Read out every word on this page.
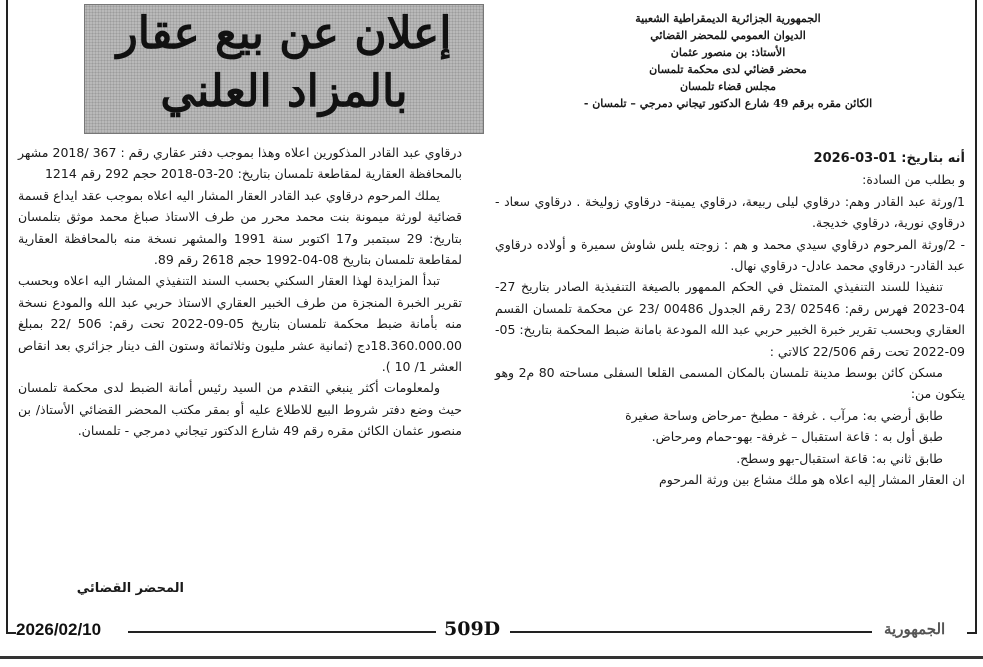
إعلان عن بيع عقار
بالمزاد العلني
الجمهورية الجزائرية الديمقراطية الشعبية
الديوان العمومي للمحضر القضائي
الأستاذ: بن منصور عثمان
محضر قضائي لدى محكمة تلمسان
مجلس قضاء تلمسان
الكائن مقره برقم 49 شارع الدكتور تيجاني دمرجي – تلمسان -

أنه بتاريخ: 01-03-2026

و بطلب من السادة:

1/ورثة عبد القادر وهم: درقاوي ليلى ربيعة، درقاوي يمينة- درقاوي زوليخة . درقاوي سعاد - درقاوي نورية، درقاوي خديجة.

- 2/ورثة المرحوم درقاوي سيدي محمد و هم : زوجته يلس شاوش سميرة و أولاده درقاوي عبد القادر- درقاوي محمد عادل- درقاوي نهال.

تنفيذا للسند التنفيذي المتمثل في الحكم الممهور بالصيغة التنفيذية الصادر بتاريخ 27-04-2023 فهرس رقم: 02546 /23 رقم الجدول 00486 /23 عن محكمة تلمسان القسم العقاري وبحسب تقرير خبرة الخبير حربي عبد الله المودعة بامانة ضبط المحكمة بتاريخ: 05-09-2022 تحت رقم 22/506 كالاتي :

مسكن كائن بوسط مدينة تلمسان بالمكان المسمى القلعا السفلى مساحته 80 م2 وهو يتكون من:

طابق أرضي به: مرآب . غرفة - مطبخ -مرحاض وساحة صغيرة

طبق أول به : قاعة استقبال – غرفة- بهو-حمام ومرحاض.

طابق ثاني به: قاعة استقبال-بهو وسطح.

ان العقار المشار إليه اعلاه هو ملك مشاع بين ورثة المرحوم

درقاوي عبد القادر المذكورين اعلاه وهذا بموجب دفتر عقاري رقم : 367 /2018 مشهر بالمحافظة العقارية لمقاطعة تلمسان بتاريخ: 20-03-2018 حجم 292 رقم 1214

يملك المرحوم درقاوي عبد القادر العقار المشار اليه اعلاه بموجب عقد ايداع قسمة قضائية لورثة ميمونة بنت محمد محرر من طرف الاستاذ صباغ محمد موثق بتلمسان بتاريخ: 29 سبتمبر و17 اكتوبر سنة 1991 والمشهر نسخة منه بالمحافظة العقارية لمقاطعة تلمسان بتاريخ 08-04-1992 حجم 2618 رقم 89.

تبدأ المزايدة لهذا العقار السكني بحسب السند التنفيذي المشار اليه اعلاه وبحسب تقرير الخبرة المنجزة من طرف الخبير العقاري الاستاذ حربي عبد الله والمودع نسخة منه بأمانة ضبط محكمة تلمسان بتاريخ 05-09-2022 تحت رقم: 506 /22 بمبلغ 18.360.000.00دج (ثمانية عشر مليون وثلاثمائة وستون الف دينار جزائري بعد انقاص العشر 1/ 10 ).

ولمعلومات أكثر ينبغي التقدم من السيد رئيس أمانة الضبط لدى محكمة تلمسان حيث وضع دفتر شروط البيع للاطلاع عليه أو بمقر مكتب المحضر القضائي الأستاذ/ بن منصور عثمان الكائن مقره رقم 49 شارع الدكتور تيجاني دمرجي - تلمسان.

المحضر القضائي
2026/02/10	509D	الجمهورية
